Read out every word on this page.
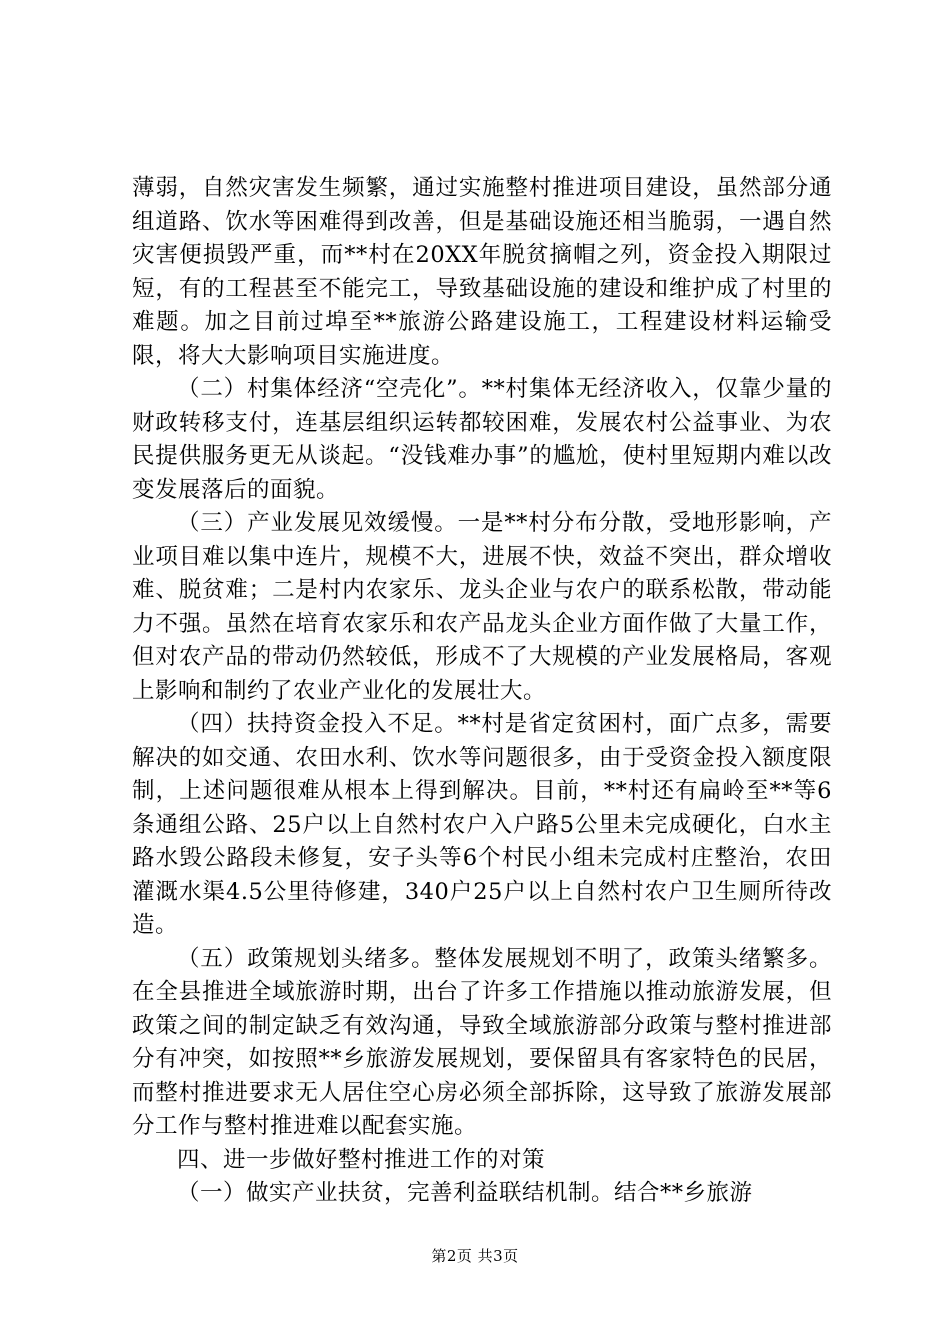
薄弱，自然灾害发生频繁，通过实施整村推进项目建设，虽然部分通组道路、饮水等困难得到改善，但是基础设施还相当脆弱，一遇自然灾害便损毁严重，而**村在20XX年脱贫摘帽之列，资金投入期限过短，有的工程甚至不能完工，导致基础设施的建设和维护成了村里的难题。加之目前过埠至**旅游公路建设施工，工程建设材料运输受限，将大大影响项目实施进度。

（二）村集体经济“空壳化”。**村集体无经济收入，仅靠少量的财政转移支付，连基层组织运转都较困难，发展农村公益事业、为农民提供服务更无从谈起。“没钱难办事”的尴尬，使村里短期内难以改变发展落后的面貌。

（三）产业发展见效缓慢。一是**村分布分散，受地形影响，产业项目难以集中连片，规模不大，进展不快，效益不突出，群众增收难、脱贫难；二是村内农家乐、龙头企业与农户的联系松散，带动能力不强。虽然在培育农家乐和农产品龙头企业方面作做了大量工作，但对农产品的带动仍然较低，形成不了大规模的产业发展格局，客观上影响和制约了农业产业化的发展壮大。

（四）扶持资金投入不足。**村是省定贫困村，面广点多，需要解决的如交通、农田水利、饮水等问题很多，由于受资金投入额度限制，上述问题很难从根本上得到解决。目前，**村还有扁岭至**等6条通组公路、25户以上自然村农户入户路5公里未完成硬化，白水主路水毁公路段未修复，安子头等6个村民小组未完成村庄整治，农田灌溉水渠4.5公里待修建，340户25户以上自然村农户卫生厕所待改造。

（五）政策规划头绪多。整体发展规划不明了，政策头绪繁多。在全县推进全域旅游时期，出台了许多工作措施以推动旅游发展，但政策之间的制定缺乏有效沟通，导致全域旅游部分政策与整村推进部分有冲突，如按照**乡旅游发展规划，要保留具有客家特色的民居，而整村推进要求无人居住空心房必须全部拆除，这导致了旅游发展部分工作与整村推进难以配套实施。

四、进一步做好整村推进工作的对策

（一）做实产业扶贫，完善利益联结机制。结合**乡旅游

第2页 共3页
